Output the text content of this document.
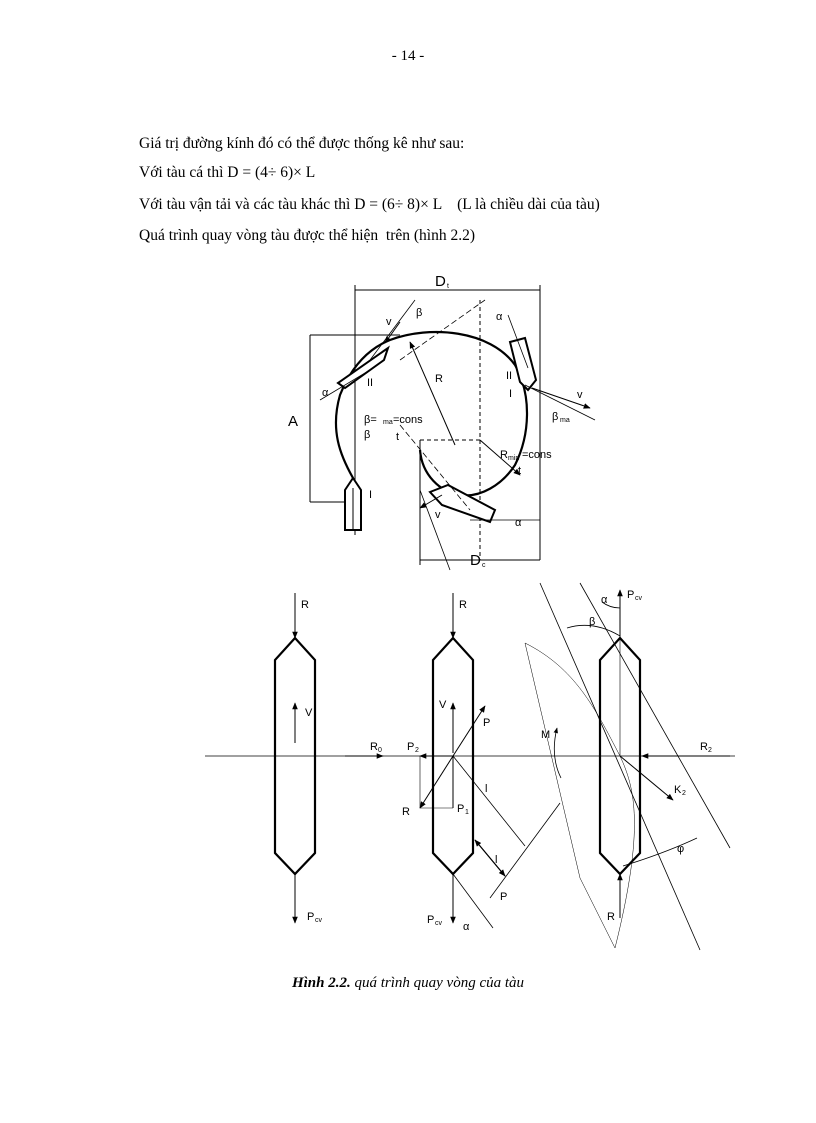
- 14 -
Giá trị đường kính đó có thể được thống kê như sau:
Với tàu cá thì D = (4÷ 6)× L
Với tàu vận tải và các tàu khác thì D = (6÷ 8)× L    (L là chiều dài của tàu)
Quá trình quay vòng tàu được thể hiện  trên (hình 2.2)
D t
A
v
β	α
II
α
R	II
I	v
β ma
β= ma =cons
β t
R min =cons
t
I
v
α
D c
R
V
P cv
R 0
R
V
P
P 2
R	P 1
l
l
P
P cv α
α P cv
β
M
R 2
K 2
φ
R
Hình 2.2. quá trình quay vòng của tàu
